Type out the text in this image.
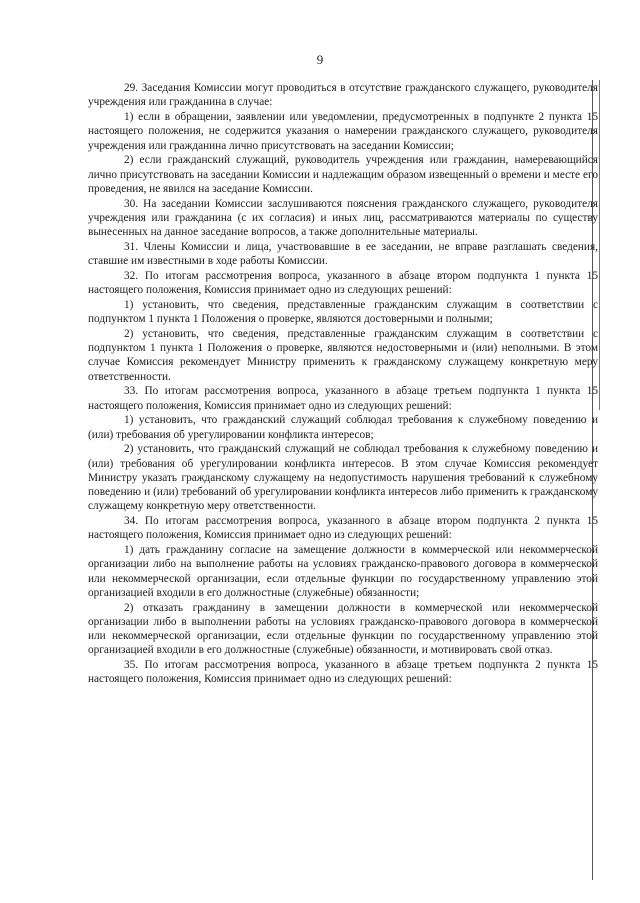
9

29. Заседания Комиссии могут проводиться в отсутствие гражданского служащего, руководителя учреждения или гражданина в случае:

1) если в обращении, заявлении или уведомлении, предусмотренных в подпункте 2 пункта 15 настоящего положения, не содержится указания о намерении гражданского служащего, руководителя учреждения или гражданина лично присутствовать на заседании Комиссии;

2) если гражданский служащий, руководитель учреждения или гражданин, намеревающийся лично присутствовать на заседании Комиссии и надлежащим образом извещенный о времени и месте его проведения, не явился на заседание Комиссии.

30. На заседании Комиссии заслушиваются пояснения гражданского служащего, руководителя учреждения или гражданина (с их согласия) и иных лиц, рассматриваются материалы по существу вынесенных на данное заседание вопросов, а также дополнительные материалы.

31. Члены Комиссии и лица, участвовавшие в ее заседании, не вправе разглашать сведения, ставшие им известными в ходе работы Комиссии.

32. По итогам рассмотрения вопроса, указанного в абзаце втором подпункта 1 пункта 15 настоящего положения, Комиссия принимает одно из следующих решений:

1) установить, что сведения, представленные гражданским служащим в соответствии с подпунктом 1 пункта 1 Положения о проверке, являются достоверными и полными;

2) установить, что сведения, представленные гражданским служащим в соответствии с подпунктом 1 пункта 1 Положения о проверке, являются недостоверными и (или) неполными. В этом случае Комиссия рекомендует Министру применить к гражданскому служащему конкретную меру ответственности.

33. По итогам рассмотрения вопроса, указанного в абзаце третьем подпункта 1 пункта 15 настоящего положения, Комиссия принимает одно из следующих решений:

1) установить, что гражданский служащий соблюдал требования к служебному поведению и (или) требования об урегулировании конфликта интересов;

2) установить, что гражданский служащий не соблюдал требования к служебному поведению и (или) требования об урегулировании конфликта интересов. В этом случае Комиссия рекомендует Министру указать гражданскому служащему на недопустимость нарушения требований к служебному поведению и (или) требований об урегулировании конфликта интересов либо применить к гражданскому служащему конкретную меру ответственности.

34. По итогам рассмотрения вопроса, указанного в абзаце втором подпункта 2 пункта 15 настоящего положения, Комиссия принимает одно из следующих решений:

1) дать гражданину согласие на замещение должности в коммерческой или некоммерческой организации либо на выполнение работы на условиях гражданско-правового договора в коммерческой или некоммерческой организации, если отдельные функции по государственному управлению этой организацией входили в его должностные (служебные) обязанности;

2) отказать гражданину в замещении должности в коммерческой или некоммерческой организации либо в выполнении работы на условиях гражданско-правового договора в коммерческой или некоммерческой организации, если отдельные функции по государственному управлению этой организацией входили в его должностные (служебные) обязанности, и мотивировать свой отказ.

35. По итогам рассмотрения вопроса, указанного в абзаце третьем подпункта 2 пункта 15 настоящего положения, Комиссия принимает одно из следующих решений:
